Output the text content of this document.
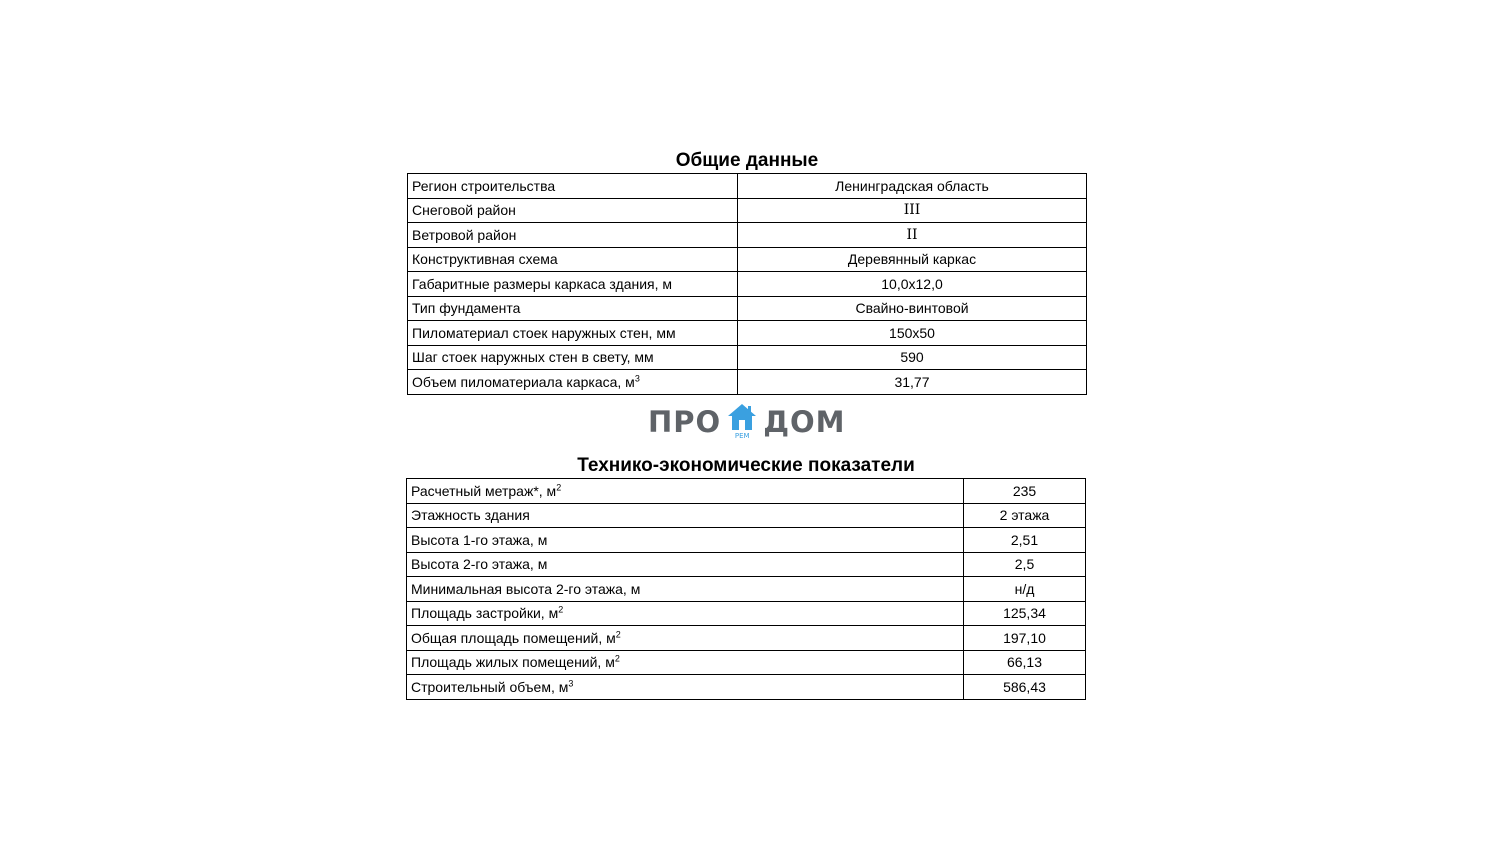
Общие данные
Регион строительства	Ленинградская область
Снеговой район	III
Ветровой район	II
Конструктивная схема	Деревянный каркас
Габаритные размеры каркаса здания, м	10,0x12,0
Тип фундамента	Свайно-винтовой
Пиломатериал стоек наружных стен, мм	150x50
Шаг стоек наружных стен в свету, мм	590
Объем пиломатериала каркаса, $м^3$	31,77
ПРО	РЕМ ДОМ
Технико-экономические показатели
Расчетный метраж*, $м^2$	235
Этажность здания	2 этажа
Высота 1-го этажа, м	2,51
Высота 2-го этажа, м	2,5
Минимальная высота 2-го этажа, м	н/д
Площадь застройки, $м^2$	125,34
Общая площадь помещений, $м^2$	197,10
Площадь жилых помещений, $м^2$	66,13
Строительный объем, $м^3$	586,43
